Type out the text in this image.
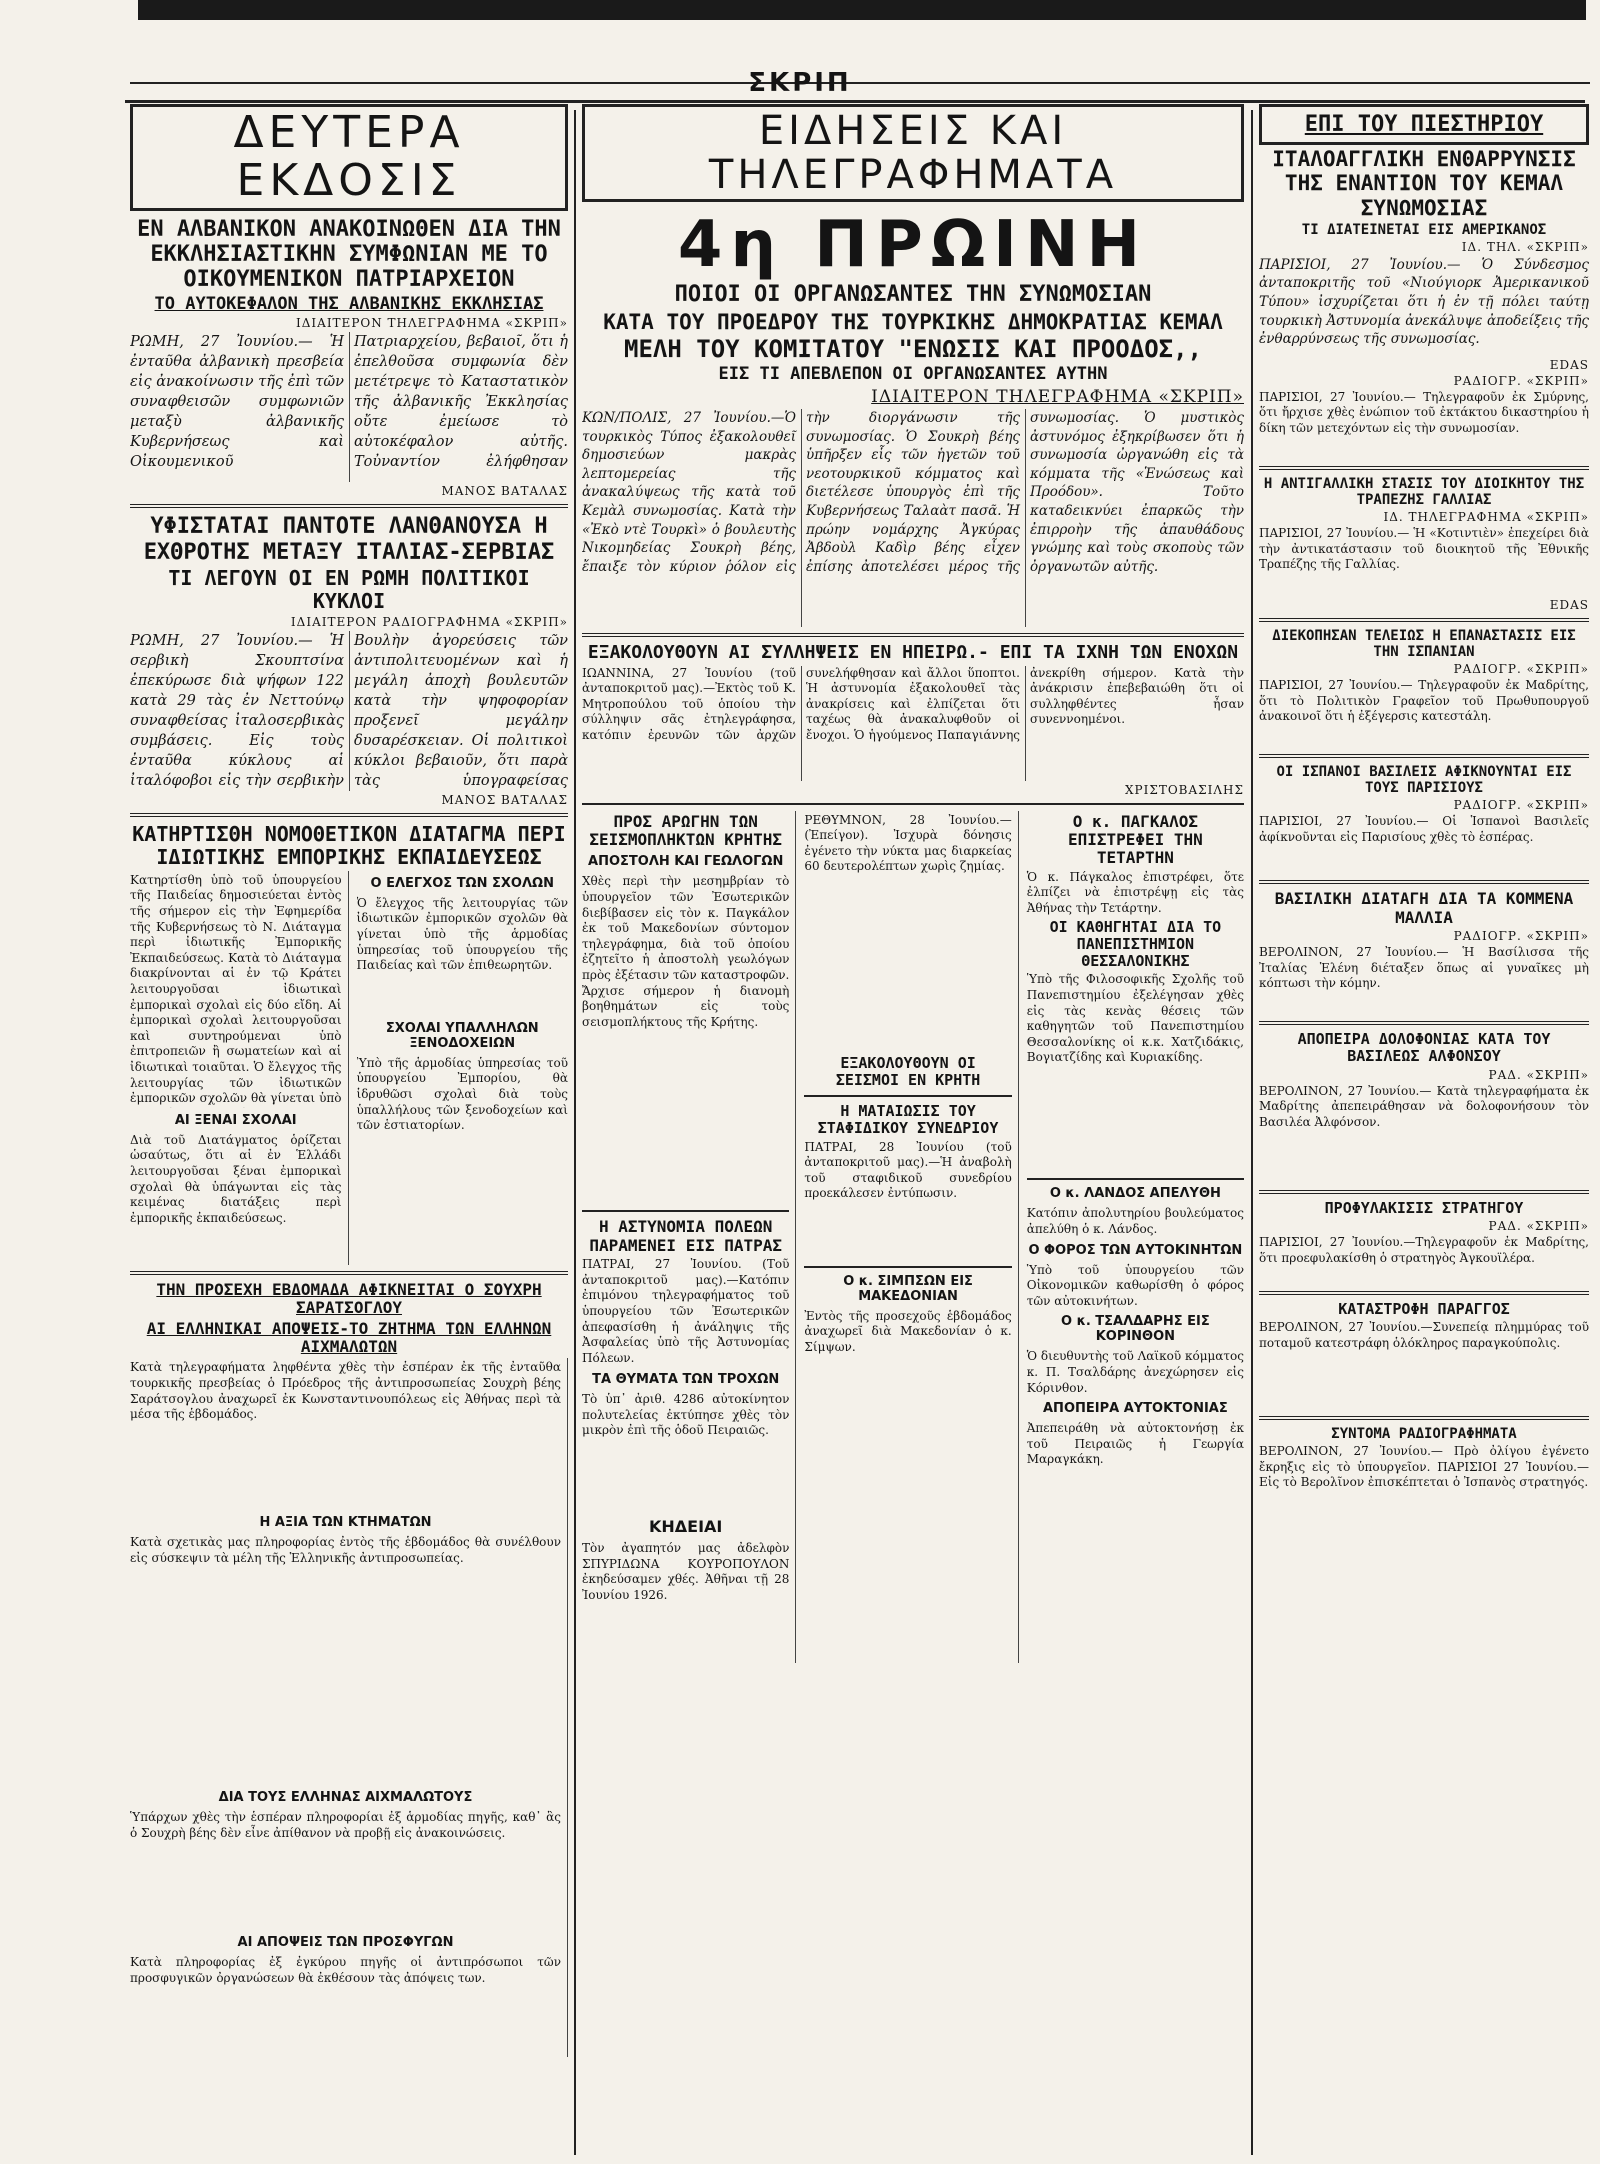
ΣΚΡΙΠ
ΔΕΥΤΕΡΑ ΕΚΔΟΣΙΣ
ΕΝ ΑΛΒΑΝΙΚΟΝ ΑΝΑΚΟΙΝΩΘΕΝ ΔΙΑ ΤΗΝ ΕΚΚΛΗΣΙΑΣΤΙΚΗΝ ΣΥΜΦΩΝΙΑΝ ΜΕ ΤΟ ΟΙΚΟΥΜΕΝΙΚΟΝ ΠΑΤΡΙΑΡΧΕΙΟΝ
ΤΟ ΑΥΤΟΚΕΦΑΛΟΝ ΤΗΣ ΑΛΒΑΝΙΚΗΣ ΕΚΚΛΗΣΙΑΣ
ΙΔΙΑΙΤΕΡΟΝ ΤΗΛΕΓΡΑΦΗΜΑ «ΣΚΡΙΠ»
ΡΩΜΗ, 27 Ἰουνίου.— Ἡ ἐνταῦθα ἀλβανικὴ πρεσβεία εἰς ἀνακοίνωσιν τῆς ἐπὶ τῶν συναφθεισῶν συμφωνιῶν μεταξὺ ἀλβανικῆς Κυβερνήσεως καὶ Οἰκουμενικοῦ Πατριαρχείου, βεβαιοῖ, ὅτι ἡ ἐπελθοῦσα συμφωνία δὲν μετέτρεψε τὸ Καταστατικὸν τῆς ἀλβανικῆς Ἐκκλησίας οὔτε ἐμείωσε τὸ αὐτοκέφαλον αὐτῆς. Τοὐναντίον ἐλήφθησαν
ΜΑΝΟΣ ΒΑΤΑΛΑΣ
ΥΦΙΣΤΑΤΑΙ ΠΑΝΤΟΤΕ ΛΑΝΘΑΝΟΥΣΑ Η ΕΧΘΡΟΤΗΣ ΜΕΤΑΞΥ ΙΤΑΛΙΑΣ-ΣΕΡΒΙΑΣ
ΤΙ ΛΕΓΟΥΝ ΟΙ ΕΝ ΡΩΜΗ ΠΟΛΙΤΙΚΟΙ ΚΥΚΛΟΙ
ΙΔΙΑΙΤΕΡΟΝ ΡΑΔΙΟΓΡΑΦΗΜΑ «ΣΚΡΙΠ»
ΡΩΜΗ, 27 Ἰουνίου.— Ἡ σερβικὴ Σκουπτσίνα ἐπεκύρωσε διὰ ψήφων 122 κατὰ 29 τὰς ἐν Νεττούνῳ συναφθείσας ἰταλοσερβικὰς συμβάσεις. Εἰς τοὺς ἐνταῦθα κύκλους αἱ ἰταλόφοβοι εἰς τὴν σερβικὴν Βουλὴν ἀγορεύσεις τῶν ἀντιπολιτευομένων καὶ ἡ μεγάλη ἀποχὴ βουλευτῶν κατὰ τὴν ψηφοφορίαν προξενεῖ μεγάλην δυσαρέσκειαν. Οἱ πολιτικοὶ κύκλοι βεβαιοῦν, ὅτι παρὰ τὰς ὑπογραφείσας
ΜΑΝΟΣ ΒΑΤΑΛΑΣ
ΚΑΤΗΡΤΙΣΘΗ ΝΟΜΟΘΕΤΙΚΟΝ ΔΙΑΤΑΓΜΑ ΠΕΡΙ ΙΔΙΩΤΙΚΗΣ ΕΜΠΟΡΙΚΗΣ ΕΚΠΑΙΔΕΥΣΕΩΣ
Κατηρτίσθη ὑπὸ τοῦ ὑπουργείου τῆς Παιδείας δημοσιεύεται ἐντὸς τῆς σήμερον εἰς τὴν Ἐφημερίδα τῆς Κυβερνήσεως τὸ Ν. Διάταγμα περὶ ἰδιωτικῆς Ἐμπορικῆς Ἐκπαιδεύσεως. Κατὰ τὸ Διάταγμα διακρίνονται αἱ ἐν τῷ Κράτει λειτουργοῦσαι ἰδιωτικαὶ ἐμπορικαὶ σχολαὶ εἰς δύο εἴδη. Αἱ ἐμπορικαὶ σχολαὶ λειτουργοῦσαι καὶ συντηρούμεναι ὑπὸ ἐπιτροπειῶν ἢ σωματείων καὶ αἱ ἰδιωτικαὶ τοιαῦται. Ὁ ἔλεγχος τῆς λειτουργίας τῶν ἰδιωτικῶν ἐμπορικῶν σχολῶν θὰ γίνεται ὑπὸ
ΑΙ ΞΕΝΑΙ ΣΧΟΛΑΙ
Διὰ τοῦ Διατάγματος ὁρίζεται ὡσαύτως, ὅτι αἱ ἐν Ἑλλάδι λειτουργοῦσαι ξέναι ἐμπορικαὶ σχολαὶ θὰ ὑπάγωνται εἰς τὰς κειμένας διατάξεις περὶ ἐμπορικῆς ἐκπαιδεύσεως.
Ο ΕΛΕΓΧΟΣ ΤΩΝ ΣΧΟΛΩΝ
Ὁ ἔλεγχος τῆς λειτουργίας τῶν ἰδιωτικῶν ἐμπορικῶν σχολῶν θὰ γίνεται ὑπὸ τῆς ἁρμοδίας ὑπηρεσίας τοῦ ὑπουργείου τῆς Παιδείας καὶ τῶν ἐπιθεωρητῶν.
ΣΧΟΛΑΙ ΥΠΑΛΛΗΛΩΝ ΞΕΝΟΔΟΧΕΙΩΝ
Ὑπὸ τῆς ἁρμοδίας ὑπηρεσίας τοῦ ὑπουργείου Ἐμπορίου, θὰ ἱδρυθῶσι σχολαὶ διὰ τοὺς ὑπαλλήλους τῶν ξενοδοχείων καὶ τῶν ἑστιατορίων.
ΤΗΝ ΠΡΟΣΕΧΗ ΕΒΔΟΜΑΔΑ ΑΦΙΚΝΕΙΤΑΙ Ο ΣΟΥΧΡΗ ΣΑΡΑΤΣΟΓΛΟΥ
ΑΙ ΕΛΛΗΝΙΚΑΙ ΑΠΟΨΕΙΣ-ΤΟ ΖΗΤΗΜΑ ΤΩΝ ΕΛΛΗΝΩΝ ΑΙΧΜΑΛΩΤΩΝ
Κατὰ τηλεγραφήματα ληφθέντα χθὲς τὴν ἑσπέραν ἐκ τῆς ἐνταῦθα τουρκικῆς πρεσβείας ὁ Πρόεδρος τῆς ἀντιπροσωπείας Σουχρὴ βέης Σαράτσογλου ἀναχωρεῖ ἐκ Κωνσταντινουπόλεως εἰς Ἀθήνας περὶ τὰ μέσα τῆς ἑβδομάδος.
Η ΑΞΙΑ ΤΩΝ ΚΤΗΜΑΤΩΝ
Κατὰ σχετικὰς μας πληροφορίας ἐντὸς τῆς ἑβδομάδος θὰ συνέλθουν εἰς σύσκεψιν τὰ μέλη τῆς Ἑλληνικῆς ἀντιπροσωπείας.
ΔΙΑ ΤΟΥΣ ΕΛΛΗΝΑΣ ΑΙΧΜΑΛΩΤΟΥΣ
Ὑπάρχων χθὲς τὴν ἑσπέραν πληροφορίαι ἐξ ἁρμοδίας πηγῆς, καθ᾿ ἃς ὁ Σουχρὴ βέης δὲν εἶνε ἀπίθανον νὰ προβῇ εἰς ἀνακοινώσεις.
ΑΙ ΑΠΟΨΕΙΣ ΤΩΝ ΠΡΟΣΦΥΓΩΝ
Κατὰ πληροφορίας ἐξ ἐγκύρου πηγῆς οἱ ἀντιπρόσωποι τῶν προσφυγικῶν ὀργανώσεων θὰ ἐκθέσουν τὰς ἀπόψεις των.
ΕΙΔΗΣΕΙΣ ΚΑΙ ΤΗΛΕΓΡΑΦΗΜΑΤΑ
4η ΠΡΩΙΝΗ
ΠΟΙΟΙ ΟΙ ΟΡΓΑΝΩΣΑΝΤΕΣ ΤΗΝ ΣΥΝΩΜΟΣΙΑΝ
ΚΑΤΑ ΤΟΥ ΠΡΟΕΔΡΟΥ ΤΗΣ ΤΟΥΡΚΙΚΗΣ ΔΗΜΟΚΡΑΤΙΑΣ ΚΕΜΑΛ
ΜΕΛΗ ΤΟΥ ΚΟΜΙΤΑΤΟΥ "ΕΝΩΣΙΣ ΚΑΙ ΠΡΟΟΔΟΣ,,
ΕΙΣ ΤΙ ΑΠΕΒΛΕΠΟΝ ΟΙ ΟΡΓΑΝΩΣΑΝΤΕΣ ΑΥΤΗΝ
ΙΔΙΑΙΤΕΡΟΝ ΤΗΛΕΓΡΑΦΗΜΑ «ΣΚΡΙΠ»
ΚΩΝ/ΠΟΛΙΣ, 27 Ἰουνίου.—Ὁ τουρκικὸς Τύπος ἐξακολουθεῖ δημοσιεύων μακρὰς λεπτομερείας τῆς ἀνακαλύψεως τῆς κατὰ τοῦ Κεμὰλ συνωμοσίας. Κατὰ τὴν «Ἐκὸ ντὲ Τουρκὶ» ὁ βουλευτὴς Νικομηδείας Σουκρὴ βέης, ἔπαιξε τὸν κύριον ῥόλον εἰς τὴν διοργάνωσιν τῆς συνωμοσίας. Ὁ Σουκρὴ βέης ὑπῆρξεν εἷς τῶν ἡγετῶν τοῦ νεοτουρκικοῦ κόμματος καὶ διετέλεσε ὑπουργὸς ἐπὶ τῆς Κυβερνήσεως Ταλαὰτ πασᾶ. Ἡ πρώην νομάρχης Ἀγκύρας Ἀβδοὺλ Καδὶρ βέης εἶχεν ἐπίσης ἀποτελέσει μέρος τῆς συνωμοσίας. Ὁ μυστικὸς ἀστυνόμος ἐξηκρίβωσεν ὅτι ἡ συνωμοσία ὠργανώθη εἰς τὰ κόμματα τῆς «Ἑνώσεως καὶ Προόδου». Τοῦτο καταδεικνύει ἐπαρκῶς τὴν ἐπιρροὴν τῆς ἀπαυθάδους γνώμης καὶ τοὺς σκοποὺς τῶν ὀργανωτῶν αὐτῆς.
ΕΞΑΚΟΛΟΥΘΟΥΝ ΑΙ ΣΥΛΛΗΨΕΙΣ ΕΝ ΗΠΕΙΡΩ.- ΕΠΙ ΤΑ ΙΧΝΗ ΤΩΝ ΕΝΟΧΩΝ
ΙΩΑΝΝΙΝΑ, 27 Ἰουνίου (τοῦ ἀνταποκριτοῦ μας).—Ἐκτὸς τοῦ Κ. Μητροπούλου τοῦ ὁποίου τὴν σύλληψιν σᾶς ἐτηλεγράφησα, κατόπιν ἐρευνῶν τῶν ἀρχῶν συνελήφθησαν καὶ ἄλλοι ὕποπτοι. Ἡ ἀστυνομία ἐξακολουθεῖ τὰς ἀνακρίσεις καὶ ἐλπίζεται ὅτι ταχέως θὰ ἀνακαλυφθοῦν οἱ ἔνοχοι. Ὁ ἡγούμενος Παπαγιάννης ἀνεκρίθη σήμερον. Κατὰ τὴν ἀνάκρισιν ἐπεβεβαιώθη ὅτι οἱ συλληφθέντες ἦσαν συνεννοημένοι.
ΧΡΙΣΤΟΒΑΣΙΛΗΣ
ΠΡΟΣ ΑΡΩΓΗΝ ΤΩΝ ΣΕΙΣΜΟΠΛΗΚΤΩΝ ΚΡΗΤΗΣ
ΑΠΟΣΤΟΛΗ ΚΑΙ ΓΕΩΛΟΓΩΝ
Χθὲς περὶ τὴν μεσημβρίαν τὸ ὑπουργεῖον τῶν Ἐσωτερικῶν διεβίβασεν εἰς τὸν κ. Παγκάλον ἐκ τοῦ Μακεδονίων σύντομον τηλεγράφημα, διὰ τοῦ ὁποίου ἐζητεῖτο ἡ ἀποστολὴ γεωλόγων πρὸς ἐξέτασιν τῶν καταστροφῶν. Ἄρχισε σήμερον ἡ διανομὴ βοηθημάτων εἰς τοὺς σεισμοπλήκτους τῆς Κρήτης.
Η ΑΣΤΥΝΟΜΙΑ ΠΟΛΕΩΝ ΠΑΡΑΜΕΝΕΙ ΕΙΣ ΠΑΤΡΑΣ
ΠΑΤΡΑΙ, 27 Ἰουνίου. (Τοῦ ἀνταποκριτοῦ μας).—Κατόπιν ἐπιμόνου τηλεγραφήματος τοῦ ὑπουργείου τῶν Ἐσωτερικῶν ἀπεφασίσθη ἡ ἀνάληψις τῆς Ἀσφαλείας ὑπὸ τῆς Ἀστυνομίας Πόλεων.
ΤΑ ΘΥΜΑΤΑ ΤΩΝ ΤΡΟΧΩΝ
Τὸ ὑπ᾿ ἀριθ. 4286 αὐτοκίνητον πολυτελείας ἐκτύπησε χθὲς τὸν μικρὸν ἐπὶ τῆς ὁδοῦ Πειραιῶς.
ΚΗΔΕΙΑΙ
Τὸν ἀγαπητόν μας ἀδελφὸν ΣΠΥΡΙΔΩΝΑ ΚΟΥΡΟΠΟΥΛΟΝ ἐκηδεύσαμεν χθές. Ἀθῆναι τῇ 28 Ἰουνίου 1926.
ΡΕΘΥΜΝΟΝ, 28 Ἰουνίου.—(Ἐπείγον). Ἰσχυρὰ δόνησις ἐγένετο τὴν νύκτα μας διαρκείας 60 δευτερολέπτων χωρὶς ζημίας.
ΕΞΑΚΟΛΟΥΘΟΥΝ ΟΙ ΣΕΙΣΜΟΙ ΕΝ ΚΡΗΤΗ
Η ΜΑΤΑΙΩΣΙΣ ΤΟΥ ΣΤΑΦΙΔΙΚΟΥ ΣΥΝΕΔΡΙΟΥ
ΠΑΤΡΑΙ, 28 Ἰουνίου (τοῦ ἀνταποκριτοῦ μας).—Ἡ ἀναβολὴ τοῦ σταφιδικοῦ συνεδρίου προεκάλεσεν ἐντύπωσιν.
Ο κ. ΣΙΜΠΣΩΝ ΕΙΣ ΜΑΚΕΔΟΝΙΑΝ
Ἐντὸς τῆς προσεχοῦς ἑβδομάδος ἀναχωρεῖ διὰ Μακεδονίαν ὁ κ. Σίμψων.
Ο κ. ΠΑΓΚΑΛΟΣ ΕΠΙΣΤΡΕΦΕΙ ΤΗΝ ΤΕΤΑΡΤΗΝ
Ὁ κ. Πάγκαλος ἐπιστρέφει, ὅτε ἐλπίζει νὰ ἐπιστρέψῃ εἰς τὰς Ἀθήνας τὴν Τετάρτην.
ΟΙ ΚΑΘΗΓΗΤΑΙ ΔΙΑ ΤΟ ΠΑΝΕΠΙΣΤΗΜΙΟΝ ΘΕΣΣΑΛΟΝΙΚΗΣ
Ὑπὸ τῆς Φιλοσοφικῆς Σχολῆς τοῦ Πανεπιστημίου ἐξελέγησαν χθὲς εἰς τὰς κενὰς θέσεις τῶν καθηγητῶν τοῦ Πανεπιστημίου Θεσσαλονίκης οἱ κ.κ. Χατζιδάκις, Βογιατζίδης καὶ Κυριακίδης.
Ο κ. ΛΑΝΔΟΣ ΑΠΕΛΥΘΗ
Κατόπιν ἀπολυτηρίου βουλεύματος ἀπελύθη ὁ κ. Λάνδος.
Ο ΦΟΡΟΣ ΤΩΝ ΑΥΤΟΚΙΝΗΤΩΝ
Ὑπὸ τοῦ ὑπουργείου τῶν Οἰκονομικῶν καθωρίσθη ὁ φόρος τῶν αὐτοκινήτων.
Ο κ. ΤΣΑΛΔΑΡΗΣ ΕΙΣ ΚΟΡΙΝΘΟΝ
Ὁ διευθυντὴς τοῦ Λαϊκοῦ κόμματος κ. Π. Τσαλδάρης ἀνεχώρησεν εἰς Κόρινθον.
ΑΠΟΠΕΙΡΑ ΑΥΤΟΚΤΟΝΙΑΣ
Ἀπεπειράθη νὰ αὐτοκτονήσῃ ἐκ τοῦ Πειραιῶς ἡ Γεωργία Μαραγκάκη.
ΕΠΙ ΤΟΥ ΠΙΕΣΤΗΡΙΟΥ
ΙΤΑΛΟΑΓΓΛΙΚΗ ΕΝΘΑΡΡΥΝΣΙΣ ΤΗΣ ΕΝΑΝΤΙΟΝ ΤΟΥ ΚΕΜΑΛ ΣΥΝΩΜΟΣΙΑΣ
ΤΙ ΔΙΑΤΕΙΝΕΤΑΙ ΕΙΣ ΑΜΕΡΙΚΑΝΟΣ
ΙΔ. ΤΗΛ. «ΣΚΡΙΠ»
ΠΑΡΙΣΙΟΙ, 27 Ἰουνίου.— Ὁ Σύνδεσμος ἀνταποκριτῆς τοῦ «Νιούγιορκ Ἀμερικανικοῦ Τύπου» ἰσχυρίζεται ὅτι ἡ ἐν τῇ πόλει ταύτῃ τουρκικὴ Ἀστυνομία ἀνεκάλυψε ἀποδείξεις τῆς ἐνθαρρύνσεως τῆς συνωμοσίας.
EDAS
ΡΑΔΙΟΓΡ. «ΣΚΡΙΠ»
ΠΑΡΙΣΙΟΙ, 27 Ἰουνίου.— Τηλεγραφοῦν ἐκ Σμύρνης, ὅτι ἤρχισε χθὲς ἐνώπιον τοῦ ἐκτάκτου δικαστηρίου ἡ δίκη τῶν μετεχόντων εἰς τὴν συνωμοσίαν.
Η ΑΝΤΙΓΑΛΛΙΚΗ ΣΤΑΣΙΣ ΤΟΥ ΔΙΟΙΚΗΤΟΥ ΤΗΣ ΤΡΑΠΕΖΗΣ ΓΑΛΛΙΑΣ
ΙΔ. ΤΗΛΕΓΡΑΦΗΜΑ «ΣΚΡΙΠ»
ΠΑΡΙΣΙΟΙ, 27 Ἰουνίου.— Ἡ «Κοτιντιὲν» ἐπεχείρει διὰ τὴν ἀντικατάστασιν τοῦ διοικητοῦ τῆς Ἐθνικῆς Τραπέζης τῆς Γαλλίας.
EDAS
ΔΙΕΚΟΠΗΣΑΝ ΤΕΛΕΙΩΣ Η ΕΠΑΝΑΣΤΑΣΙΣ ΕΙΣ ΤΗΝ ΙΣΠΑΝΙΑΝ
ΡΑΔΙΟΓΡ. «ΣΚΡΙΠ»
ΠΑΡΙΣΙΟΙ, 27 Ἰουνίου.— Τηλεγραφοῦν ἐκ Μαδρίτης, ὅτι τὸ Πολιτικὸν Γραφεῖον τοῦ Πρωθυπουργοῦ ἀνακοινοῖ ὅτι ἡ ἐξέγερσις κατεστάλη.
ΟΙ ΙΣΠΑΝΟΙ ΒΑΣΙΛΕΙΣ ΑΦΙΚΝΟΥΝΤΑΙ ΕΙΣ ΤΟΥΣ ΠΑΡΙΣΙΟΥΣ
ΡΑΔΙΟΓΡ. «ΣΚΡΙΠ»
ΠΑΡΙΣΙΟΙ, 27 Ἰουνίου.— Οἱ Ἱσπανοὶ Βασιλεῖς ἀφίκνοῦνται εἰς Παρισίους χθὲς τὸ ἑσπέρας.
ΒΑΣΙΛΙΚΗ ΔΙΑΤΑΓΗ ΔΙΑ ΤΑ ΚΟΜΜΕΝΑ ΜΑΛΛΙΑ
ΡΑΔΙΟΓΡ. «ΣΚΡΙΠ»
ΒΕΡΟΛΙΝΟΝ, 27 Ἰουνίου.— Ἡ Βασίλισσα τῆς Ἰταλίας Ἑλένη διέταξεν ὅπως αἱ γυναῖκες μὴ κόπτωσι τὴν κόμην.
ΑΠΟΠΕΙΡΑ ΔΟΛΟΦΟΝΙΑΣ ΚΑΤΑ ΤΟΥ ΒΑΣΙΛΕΩΣ ΑΛΦΟΝΣΟΥ
ΡΑΔ. «ΣΚΡΙΠ»
ΒΕΡΟΛΙΝΟΝ, 27 Ἰουνίου.— Κατὰ τηλεγραφήματα ἐκ Μαδρίτης ἀπεπειράθησαν νὰ δολοφονήσουν τὸν Βασιλέα Ἀλφόνσον.
ΠΡΟΦΥΛΑΚΙΣΙΣ ΣΤΡΑΤΗΓΟΥ
ΡΑΔ. «ΣΚΡΙΠ»
ΠΑΡΙΣΙΟΙ, 27 Ἰουνίου.—Τηλεγραφοῦν ἐκ Μαδρίτης, ὅτι προεφυλακίσθη ὁ στρατηγὸς Ἀγκουϊλέρα.
ΚΑΤΑΣΤΡΟΦΗ ΠΑΡΑΓΓΟΣ
ΒΕΡΟΛΙΝΟΝ, 27 Ἰουνίου.—Συνεπείᾳ πλημμύρας τοῦ ποταμοῦ κατεστράφη ὁλόκληρος παραγκούπολις.
ΣΥΝΤΟΜΑ ΡΑΔΙΟΓΡΑΦΗΜΑΤΑ
ΒΕΡΟΛΙΝΟΝ, 27 Ἰουνίου.— Πρὸ ὀλίγου ἐγένετο ἔκρηξις εἰς τὸ ὑπουργεῖον. ΠΑΡΙΣΙΟΙ 27 Ἰουνίου.—Εἰς τὸ Βερολῖνον ἐπισκέπτεται ὁ Ἰσπανὸς στρατηγός.
